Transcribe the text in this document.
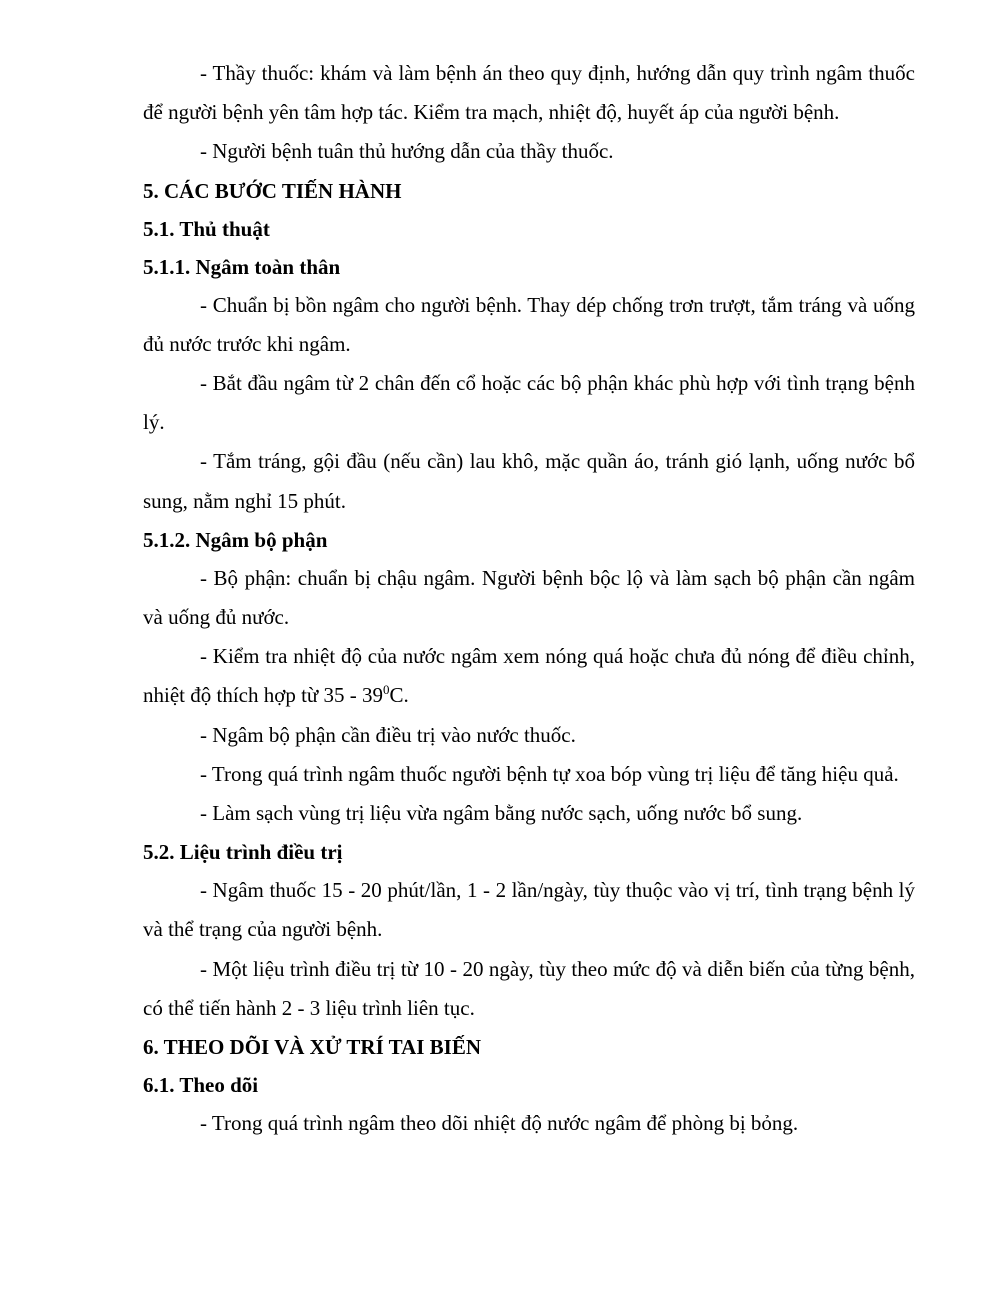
- Thầy thuốc: khám và làm bệnh án theo quy định, hướng dẫn quy trình ngâm thuốc để người bệnh yên tâm hợp tác. Kiểm tra mạch, nhiệt độ, huyết áp của người bệnh.

- Người bệnh tuân thủ hướng dẫn của thầy thuốc.

5. CÁC BƯỚC TIẾN HÀNH
5.1. Thủ thuật
5.1.1. Ngâm toàn thân

- Chuẩn bị bồn ngâm cho người bệnh. Thay dép chống trơn trượt, tắm tráng và uống đủ nước trước khi ngâm.

- Bắt đầu ngâm từ 2 chân đến cổ hoặc các bộ phận khác phù hợp với tình trạng bệnh lý.

- Tắm tráng, gội đầu (nếu cần) lau khô, mặc quần áo, tránh gió lạnh, uống nước bổ sung, nằm nghỉ 15 phút.

5.1.2. Ngâm bộ phận

- Bộ phận: chuẩn bị chậu ngâm. Người bệnh bộc lộ và làm sạch bộ phận cần ngâm và uống đủ nước.

- Kiểm tra nhiệt độ của nước ngâm xem nóng quá hoặc chưa đủ nóng để điều chỉnh, nhiệt độ thích hợp từ $35 - 39^0C$.

- Ngâm bộ phận cần điều trị vào nước thuốc.

- Trong quá trình ngâm thuốc người bệnh tự xoa bóp vùng trị liệu để tăng hiệu quả.

- Làm sạch vùng trị liệu vừa ngâm bằng nước sạch, uống nước bổ sung.

5.2. Liệu trình điều trị

- Ngâm thuốc 15 - 20 phút/lần, 1 - 2 lần/ngày, tùy thuộc vào vị trí, tình trạng bệnh lý và thể trạng của người bệnh.

- Một liệu trình điều trị từ 10 - 20 ngày, tùy theo mức độ và diễn biến của từng bệnh, có thể tiến hành 2 - 3 liệu trình liên tục.

6. THEO DÕI VÀ XỬ TRÍ TAI BIẾN
6.1. Theo dõi

- Trong quá trình ngâm theo dõi nhiệt độ nước ngâm để phòng bị bỏng.
